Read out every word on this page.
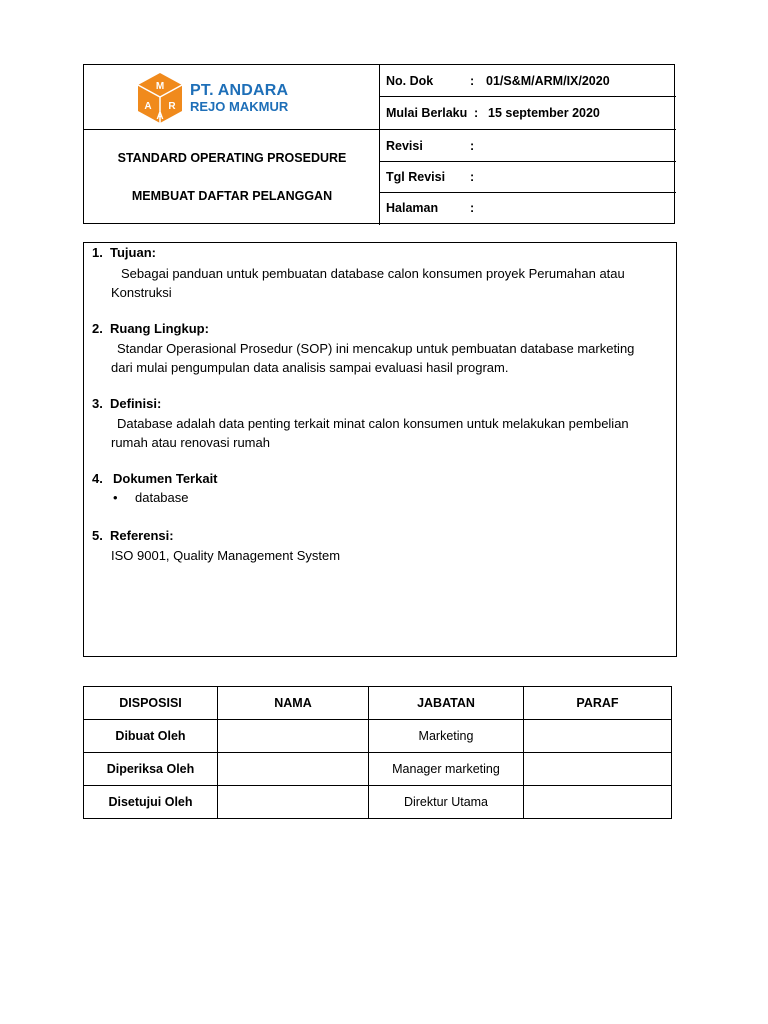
M
A
A
R
PT. ANDARA
REJO MAKMUR
STANDARD OPERATING PROSEDURE
MEMBUAT DAFTAR PELANGGAN
No. Dok	: 01/S&M/ARM/IX/2020
Mulai Berlaku : 15 september 2020
Revisi	:
Tgl Revisi	:
Halaman	:
1. Tujuan:
Sebagai panduan untuk pembuatan database calon konsumen proyek Perumahan atau
Konstruksi
2. Ruang Lingkup:
Standar Operasional Prosedur (SOP) ini mencakup untuk pembuatan database marketing
dari mulai pengumpulan data analisis sampai evaluasi hasil program.
3. Definisi:
Database adalah data penting terkait minat calon konsumen untuk melakukan pembelian
rumah atau renovasi rumah
4. Dokumen Terkait
• database
5. Referensi:
ISO 9001, Quality Management System
DISPOSISI	NAMA	JABATAN	PARAF
Dibuat Oleh		Marketing	
Diperiksa Oleh		Manager marketing	
Disetujui Oleh		Direktur Utama	
